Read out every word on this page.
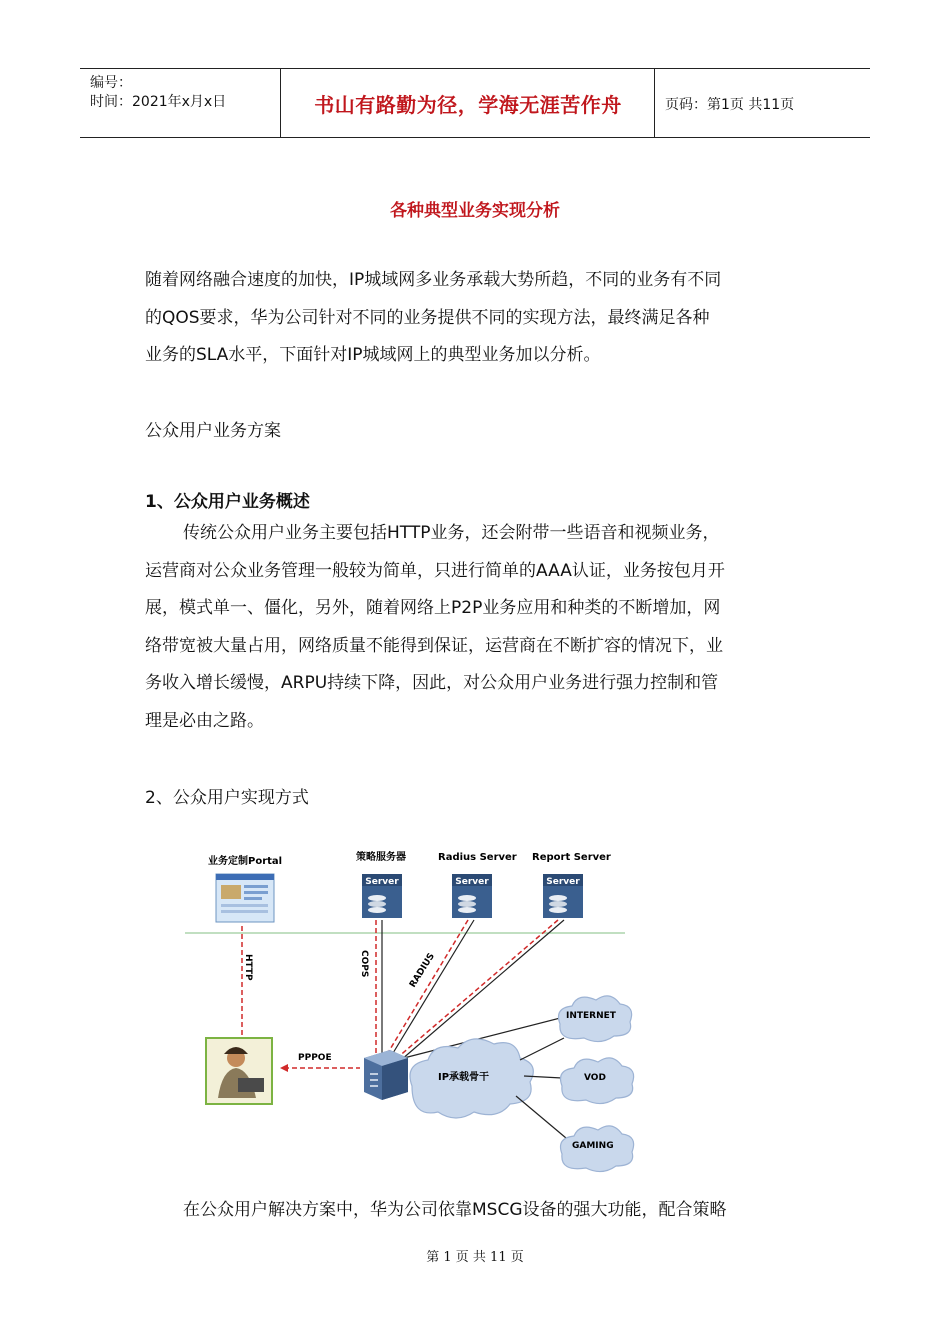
编号：
时间：2021年x月x日	书山有路勤为径，学海无涯苦作舟	页码：第1页 共11页
各种典型业务实现分析
随着网络融合速度的加快，IP城域网多业务承载大势所趋，不同的业务有不同
的QOS要求，华为公司针对不同的业务提供不同的实现方法，最终满足各种
业务的SLA水平，下面针对IP城域网上的典型业务加以分析。
公众用户业务方案
1、公众用户业务概述
传统公众用户业务主要包括HTTP业务，还会附带一些语音和视频业务，
运营商对公众业务管理一般较为简单，只进行简单的AAA认证，业务按包月开
展，模式单一、僵化，另外，随着网络上P2P业务应用和种类的不断增加，网
络带宽被大量占用，网络质量不能得到保证，运营商在不断扩容的情况下，业
务收入增长缓慢，ARPU持续下降，因此，对公众用户业务进行强力控制和管
理是必由之路。
2、公众用户实现方式
业务定制Portal	策略服务器	Radius Server Report Server
Server	Server	Server
HTTP	COPS	RADIUS
PPPOE
IP承载骨干
INTERNET
VOD
GAMING
在公众用户解决方案中，华为公司依靠MSCG设备的强大功能，配合策略
第 1 页 共 11 页
